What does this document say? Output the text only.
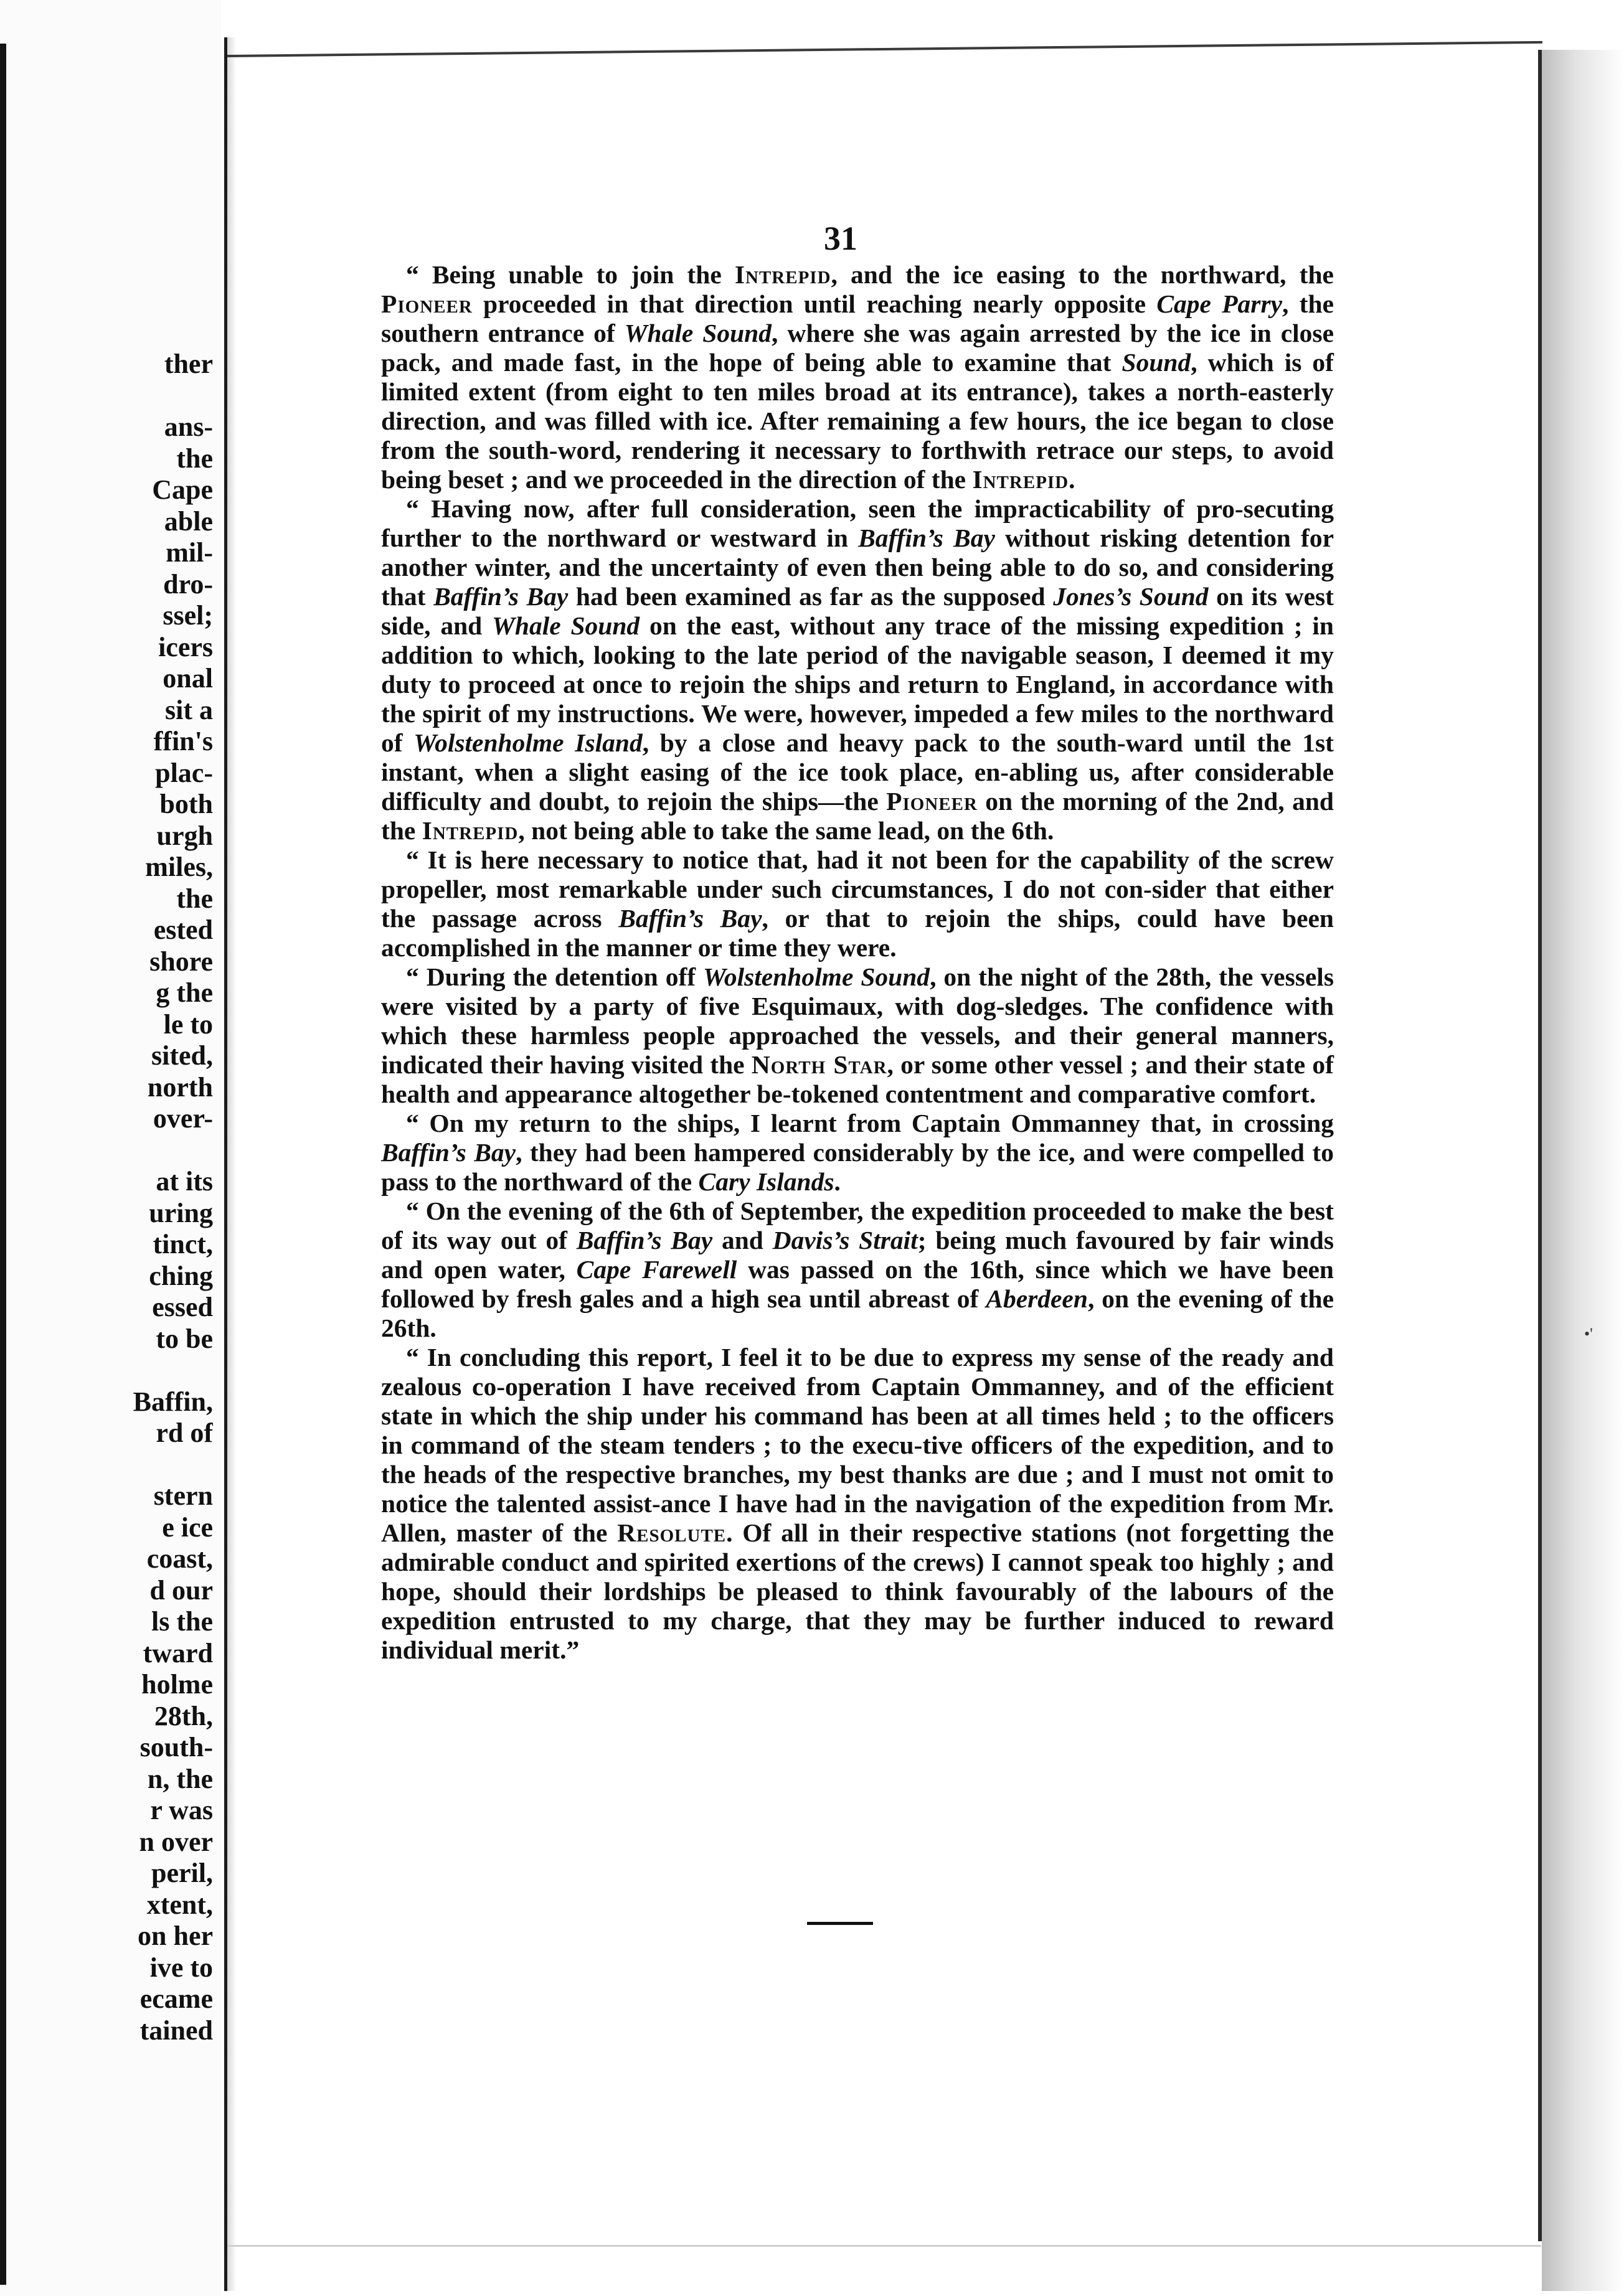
ther

ans-
the
Cape
able
mil-
dro-
ssel;
icers
onal
sit a
ffin's
plac-
both
urgh
miles,
the
ested
shore
g the
le to
sited,
north
over-

at its
uring
tinct,
ching
essed
to be

Baffin,
rd of

stern
e ice
coast,
d our
ls the
tward
holme
28th,
south-
n, the
r was
n over
peril,
xtent,
on her
ive to
ecame
tained
31

“ Being unable to join the Intrepid, and the ice easing to the northward, the Pioneer proceeded in that direction until reaching nearly opposite Cape Parry, the southern entrance of Whale Sound, where she was again arrested by the ice in close pack, and made fast, in the hope of being able to examine that Sound, which is of limited extent (from eight to ten miles broad at its entrance), takes a north-easterly direction, and was filled with ice. After remaining a few hours, the ice began to close from the south-word, rendering it necessary to forthwith retrace our steps, to avoid being beset ; and we proceeded in the direction of the Intrepid.

“ Having now, after full consideration, seen the impracticability of pro-secuting further to the northward or westward in Baffin’s Bay without risking detention for another winter, and the uncertainty of even then being able to do so, and considering that Baffin’s Bay had been examined as far as the supposed Jones’s Sound on its west side, and Whale Sound on the east, without any trace of the missing expedition ; in addition to which, looking to the late period of the navigable season, I deemed it my duty to proceed at once to rejoin the ships and return to England, in accordance with the spirit of my instructions. We were, however, impeded a few miles to the northward of Wolstenholme Island, by a close and heavy pack to the south-ward until the 1st instant, when a slight easing of the ice took place, en-abling us, after considerable difficulty and doubt, to rejoin the ships—the Pioneer on the morning of the 2nd, and the Intrepid, not being able to take the same lead, on the 6th.

“ It is here necessary to notice that, had it not been for the capability of the screw propeller, most remarkable under such circumstances, I do not con-sider that either the passage across Baffin’s Bay, or that to rejoin the ships, could have been accomplished in the manner or time they were.

“ During the detention off Wolstenholme Sound, on the night of the 28th, the vessels were visited by a party of five Esquimaux, with dog-sledges. The confidence with which these harmless people approached the vessels, and their general manners, indicated their having visited the North Star, or some other vessel ; and their state of health and appearance altogether be-tokened contentment and comparative comfort.

“ On my return to the ships, I learnt from Captain Ommanney that, in crossing Baffin’s Bay, they had been hampered considerably by the ice, and were compelled to pass to the northward of the Cary Islands.

“ On the evening of the 6th of September, the expedition proceeded to make the best of its way out of Baffin’s Bay and Davis’s Strait; being much favoured by fair winds and open water, Cape Farewell was passed on the 16th, since which we have been followed by fresh gales and a high sea until abreast of Aberdeen, on the evening of the 26th.

“ In concluding this report, I feel it to be due to express my sense of the ready and zealous co-operation I have received from Captain Ommanney, and of the efficient state in which the ship under his command has been at all times held ; to the officers in command of the steam tenders ; to the execu-tive officers of the expedition, and to the heads of the respective branches, my best thanks are due ; and I must not omit to notice the talented assist-ance I have had in the navigation of the expedition from Mr. Allen, master of the Resolute. Of all in their respective stations (not forgetting the admirable conduct and spirited exertions of the crews) I cannot speak too highly ; and hope, should their lordships be pleased to think favourably of the labours of the expedition entrusted to my charge, that they may be further induced to reward individual merit.”

•'
